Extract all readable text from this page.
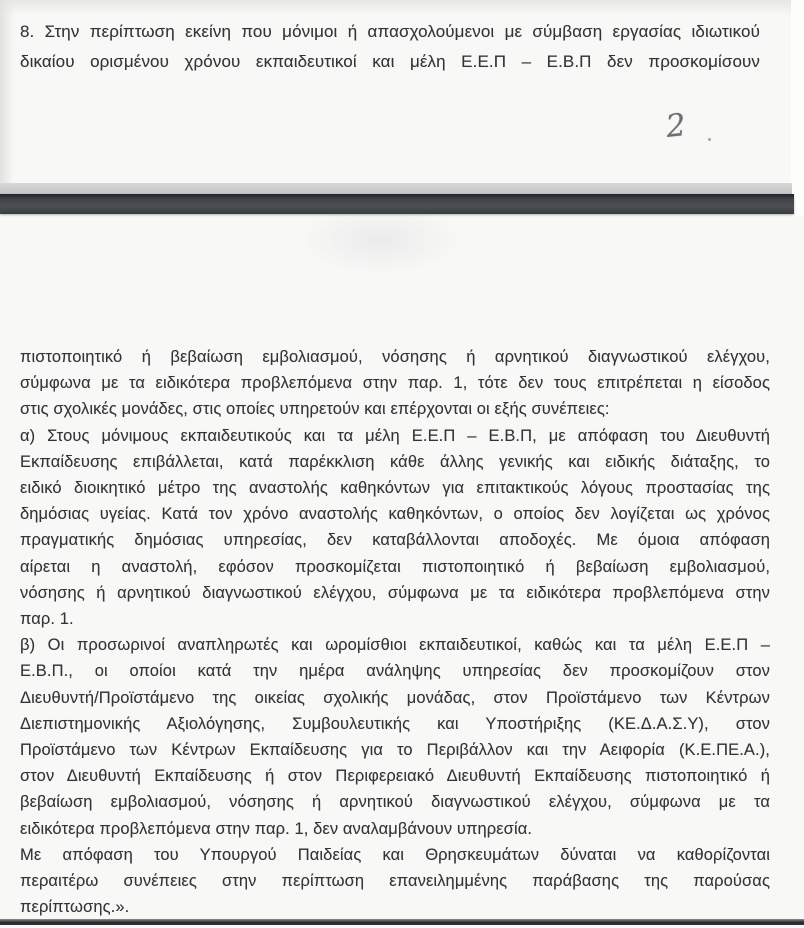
8. Στην περίπτωση εκείνη που μόνιμοι ή απασχολούμενοι με σύμβαση εργασίας ιδιωτικού
δικαίου ορισμένου χρόνου εκπαιδευτικοί και μέλη Ε.Ε.Π – Ε.Β.Π δεν προσκομίσουν
2
πιστοποιητικό ή βεβαίωση εμβολιασμού, νόσησης ή αρνητικού διαγνωστικού ελέγχου,
σύμφωνα με τα ειδικότερα προβλεπόμενα στην παρ. 1, τότε δεν τους επιτρέπεται η είσοδος
στις σχολικές μονάδες, στις οποίες υπηρετούν και επέρχονται οι εξής συνέπειες:
α) Στους μόνιμους εκπαιδευτικούς και τα μέλη Ε.Ε.Π – Ε.Β.Π, με απόφαση του Διευθυντή
Εκπαίδευσης επιβάλλεται, κατά παρέκκλιση κάθε άλλης γενικής και ειδικής διάταξης, το
ειδικό διοικητικό μέτρο της αναστολής καθηκόντων για επιτακτικούς λόγους προστασίας της
δημόσιας υγείας. Κατά τον χρόνο αναστολής καθηκόντων, ο οποίος δεν λογίζεται ως χρόνος
πραγματικής δημόσιας υπηρεσίας, δεν καταβάλλονται αποδοχές. Με όμοια απόφαση
αίρεται η αναστολή, εφόσον προσκομίζεται πιστοποιητικό ή βεβαίωση εμβολιασμού,
νόσησης ή αρνητικού διαγνωστικού ελέγχου, σύμφωνα με τα ειδικότερα προβλεπόμενα στην
παρ. 1.
β) Οι προσωρινοί αναπληρωτές και ωρομίσθιοι εκπαιδευτικοί, καθώς και τα μέλη Ε.Ε.Π –
Ε.Β.Π., οι οποίοι κατά την ημέρα ανάληψης υπηρεσίας δεν προσκομίζουν στον
Διευθυντή/Προϊστάμενο της οικείας σχολικής μονάδας, στον Προϊστάμενο των Κέντρων
Διεπιστημονικής Αξιολόγησης, Συμβουλευτικής και Υποστήριξης (ΚΕ.Δ.Α.Σ.Υ), στον
Προϊστάμενο των Κέντρων Εκπαίδευσης για το Περιβάλλον και την Αειφορία (Κ.Ε.ΠΕ.Α.),
στον Διευθυντή Εκπαίδευσης ή στον Περιφερειακό Διευθυντή Εκπαίδευσης πιστοποιητικό ή
βεβαίωση εμβολιασμού, νόσησης ή αρνητικού διαγνωστικού ελέγχου, σύμφωνα με τα
ειδικότερα προβλεπόμενα στην παρ. 1, δεν αναλαμβάνουν υπηρεσία.
Με απόφαση του Υπουργού Παιδείας και Θρησκευμάτων δύναται να καθορίζονται
περαιτέρω συνέπειες στην περίπτωση επανειλημμένης παράβασης της παρούσας
περίπτωσης.».
